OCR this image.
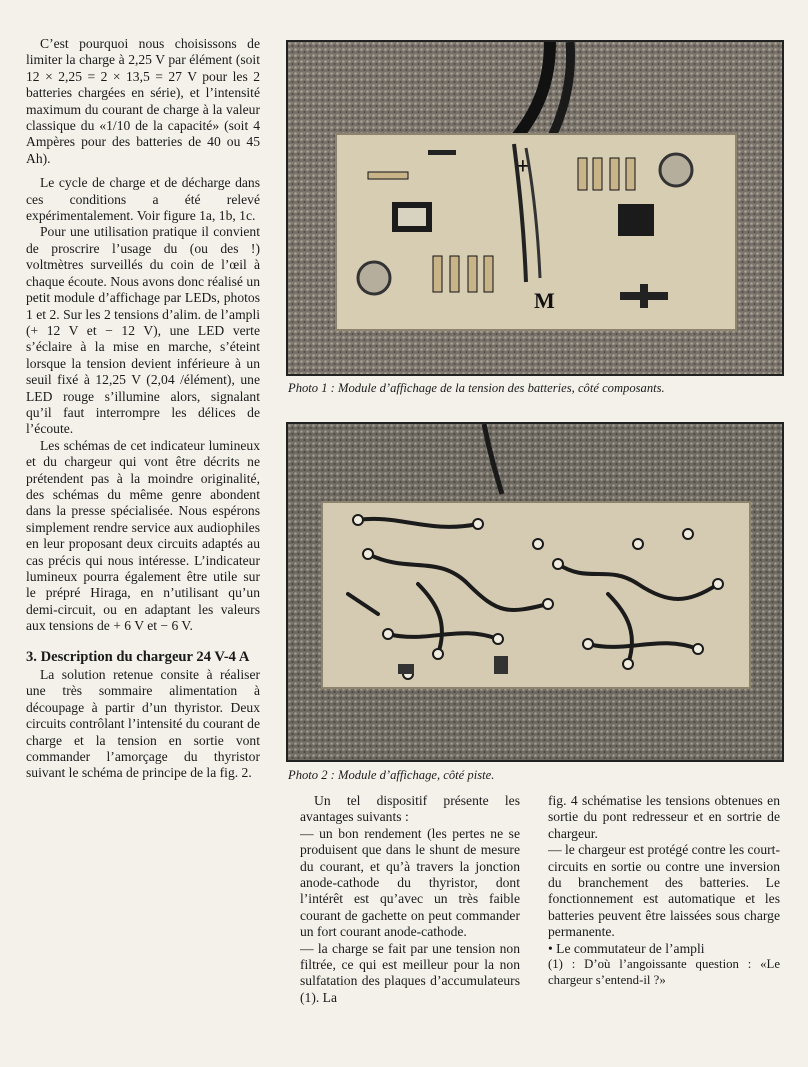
C’est pourquoi nous choisissons de limiter la charge à 2,25 V par élément (soit 12 × 2,25 = 2 × 13,5 = 27 V pour les 2 batteries chargées en série), et l’intensité maximum du courant de charge à la valeur classique du «1/10 de la capacité» (soit 4 Ampères pour des batteries de 40 ou 45 Ah).

Le cycle de charge et de décharge dans ces conditions a été relevé expérimentalement. Voir figure 1a, 1b, 1c.

Pour une utilisation pratique il convient de proscrire l’usage du (ou des !) voltmètres surveillés du coin de l’œil à chaque écoute. Nous avons donc réalisé un petit module d’affichage par LEDs, photos 1 et 2. Sur les 2 tensions d’alim. de l’ampli (+ 12 V et − 12 V), une LED verte s’éclaire à la mise en marche, s’éteint lorsque la tension devient inférieure à un seuil fixé à 12,25 V (2,04 /élément), une LED rouge s’illumine alors, signalant qu’il faut interrompre les délices de l’écoute.

Les schémas de cet indicateur lumineux et du chargeur qui vont être décrits ne prétendent pas à la moindre originalité, des schémas du même genre abondent dans la presse spécialisée. Nous espérons simplement rendre service aux audiophiles en leur proposant deux circuits adaptés au cas précis qui nous intéresse. L’indicateur lumineux pourra également être utile sur le prépré Hiraga, en n’utilisant qu’un demi-circuit, ou en adaptant les valeurs aux tensions de + 6 V et − 6 V.

3. Description du chargeur 24 V-4 A

La solution retenue consite à réaliser une très sommaire alimentation à découpage à partir d’un thyristor. Deux circuits contrôlant l’intensité du courant de charge et la tension en sortie vont commander l’amorçage du thyristor suivant le schéma de principe de la fig. 2.

+
M
Photo 1 : Module d’affichage de la tension des batteries, côté composants.
Photo 2 : Module d’affichage, côté piste.

Un tel dispositif présente les avantages suivants :

— un bon rendement (les pertes ne se produisent que dans le shunt de mesure du courant, et qu’à travers la jonction anode-cathode du thyristor, dont l’intérêt est qu’avec un très faible courant de gachette on peut commander un fort courant anode-cathode.

— la charge se fait par une tension non filtrée, ce qui est meilleur pour la non sulfatation des plaques d’accumulateurs (1). La

fig. 4 schématise les tensions obtenues en sortie du pont redresseur et en sortrie de chargeur.

— le chargeur est protégé contre les court-circuits en sortie ou contre une inversion du branchement des batteries. Le fonctionnement est automatique et les batteries peuvent être laissées sous charge permanente.

• Le commutateur de l’ampli

(1) : D’où l’angoissante question : «Le chargeur s’entend-il ?»
